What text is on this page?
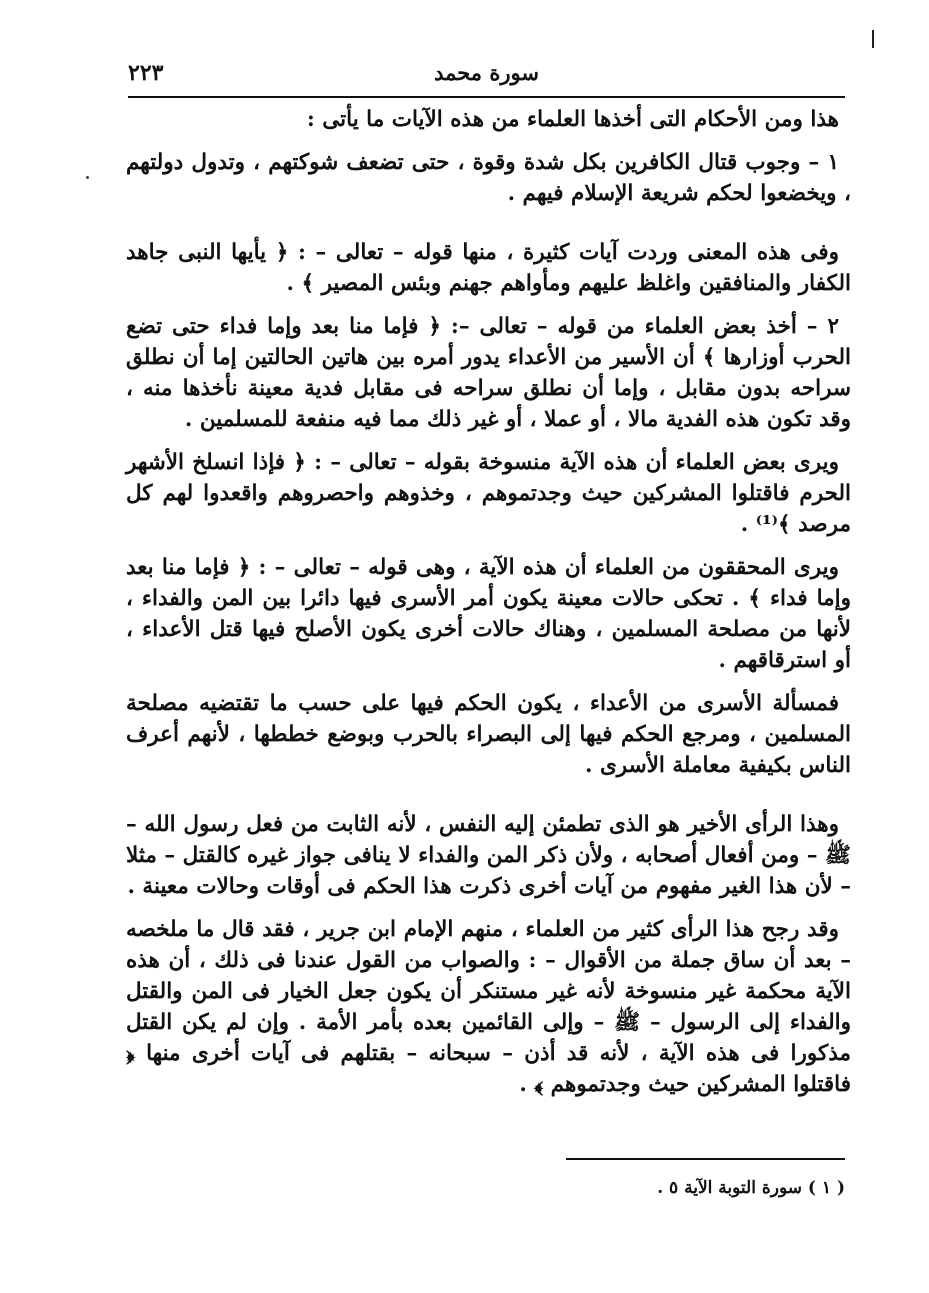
سورة محمد
٢٢٣

هذا ومن الأحكام التى أخذها العلماء من هذه الآيات ما يأتى :

١ – وجوب قتال الكافرين بكل شدة وقوة ، حتى تضعف شوكتهم ، وتدول دولتهم ، ويخضعوا لحكم شريعة الإسلام فيهم .

وفى هذه المعنى وردت آيات كثيرة ، منها قوله – تعالى – : ﴿ يأيها النبى جاهد الكفار والمنافقين واغلظ عليهم ومأواهم جهنم وبئس المصير ﴾ .

٢ – أخذ بعض العلماء من قوله – تعالى –: ﴿ فإما منا بعد وإما فداء حتى تضع الحرب أوزارها ﴾ أن الأسير من الأعداء يدور أمره بين هاتين الحالتين إما أن نطلق سراحه بدون مقابل ، وإما أن نطلق سراحه فى مقابل فدية معينة نأخذها منه ، وقد تكون هذه الفدية مالا ، أو عملا ، أو غير ذلك مما فيه منفعة للمسلمين .

ويرى بعض العلماء أن هذه الآية منسوخة بقوله – تعالى – : ﴿ فإذا انسلخ الأشهر الحرم فاقتلوا المشركين حيث وجدتموهم ، وخذوهم واحصروهم واقعدوا لهم كل مرصد ﴾⁽¹⁾ .

ويرى المحققون من العلماء أن هذه الآية ، وهى قوله – تعالى – : ﴿ فإما منا بعد وإما فداء ﴾ . تحكى حالات معينة يكون أمر الأسرى فيها دائرا بين المن والفداء ، لأنها من مصلحة المسلمين ، وهناك حالات أخرى يكون الأصلح فيها قتل الأعداء ، أو استرقاقهم .

فمسألة الأسرى من الأعداء ، يكون الحكم فيها على حسب ما تقتضيه مصلحة المسلمين ، ومرجع الحكم فيها إلى البصراء بالحرب وبوضع خططها ، لأنهم أعرف الناس بكيفية معاملة الأسرى .

وهذا الرأى الأخير هو الذى تطمئن إليه النفس ، لأنه الثابت من فعل رسول الله – ﷺ – ومن أفعال أصحابه ، ولأن ذكر المن والفداء لا ينافى جواز غيره كالقتل – مثلا – لأن هذا الغير مفهوم من آيات أخرى ذكرت هذا الحكم فى أوقات وحالات معينة .

وقد رجح هذا الرأى كثير من العلماء ، منهم الإمام ابن جرير ، فقد قال ما ملخصه – بعد أن ساق جملة من الأقوال – : والصواب من القول عندنا فى ذلك ، أن هذه الآية محكمة غير منسوخة لأنه غير مستنكر أن يكون جعل الخيار فى المن والقتل والفداء إلى الرسول – ﷺ – وإلى القائمين بعده بأمر الأمة . وإن لم يكن القتل مذكورا فى هذه الآية ، لأنه قد أذن – سبحانه – بقتلهم فى آيات أخرى منها ﴿ فاقتلوا المشركين حيث وجدتموهم ﴾ .

( ١ ) سورة التوبة الآية ٥ .
